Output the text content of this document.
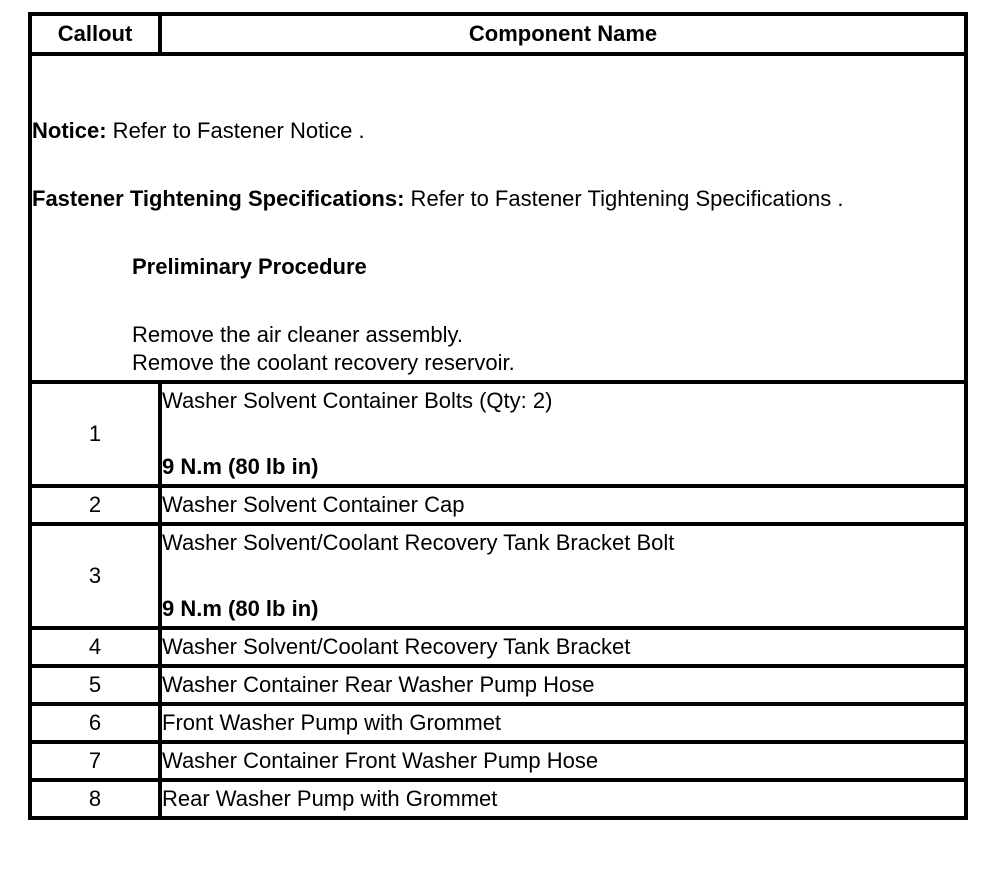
Callout	Component Name

Notice: Refer to Fastener Notice .

Fastener Tightening Specifications: Refer to Fastener Tightening Specifications .

Preliminary Procedure

Remove the air cleaner assembly.

Remove the coolant recovery reservoir.	

1	Washer Solvent Container Bolts (Qty: 2)
9 N.m (80 lb in)

2	Washer Solvent Container Cap
3	Washer Solvent/Coolant Recovery Tank Bracket Bolt
9 N.m (80 lb in)

4	Washer Solvent/Coolant Recovery Tank Bracket
5	Washer Container Rear Washer Pump Hose
6	Front Washer Pump with Grommet
7	Washer Container Front Washer Pump Hose
8	Rear Washer Pump with Grommet
